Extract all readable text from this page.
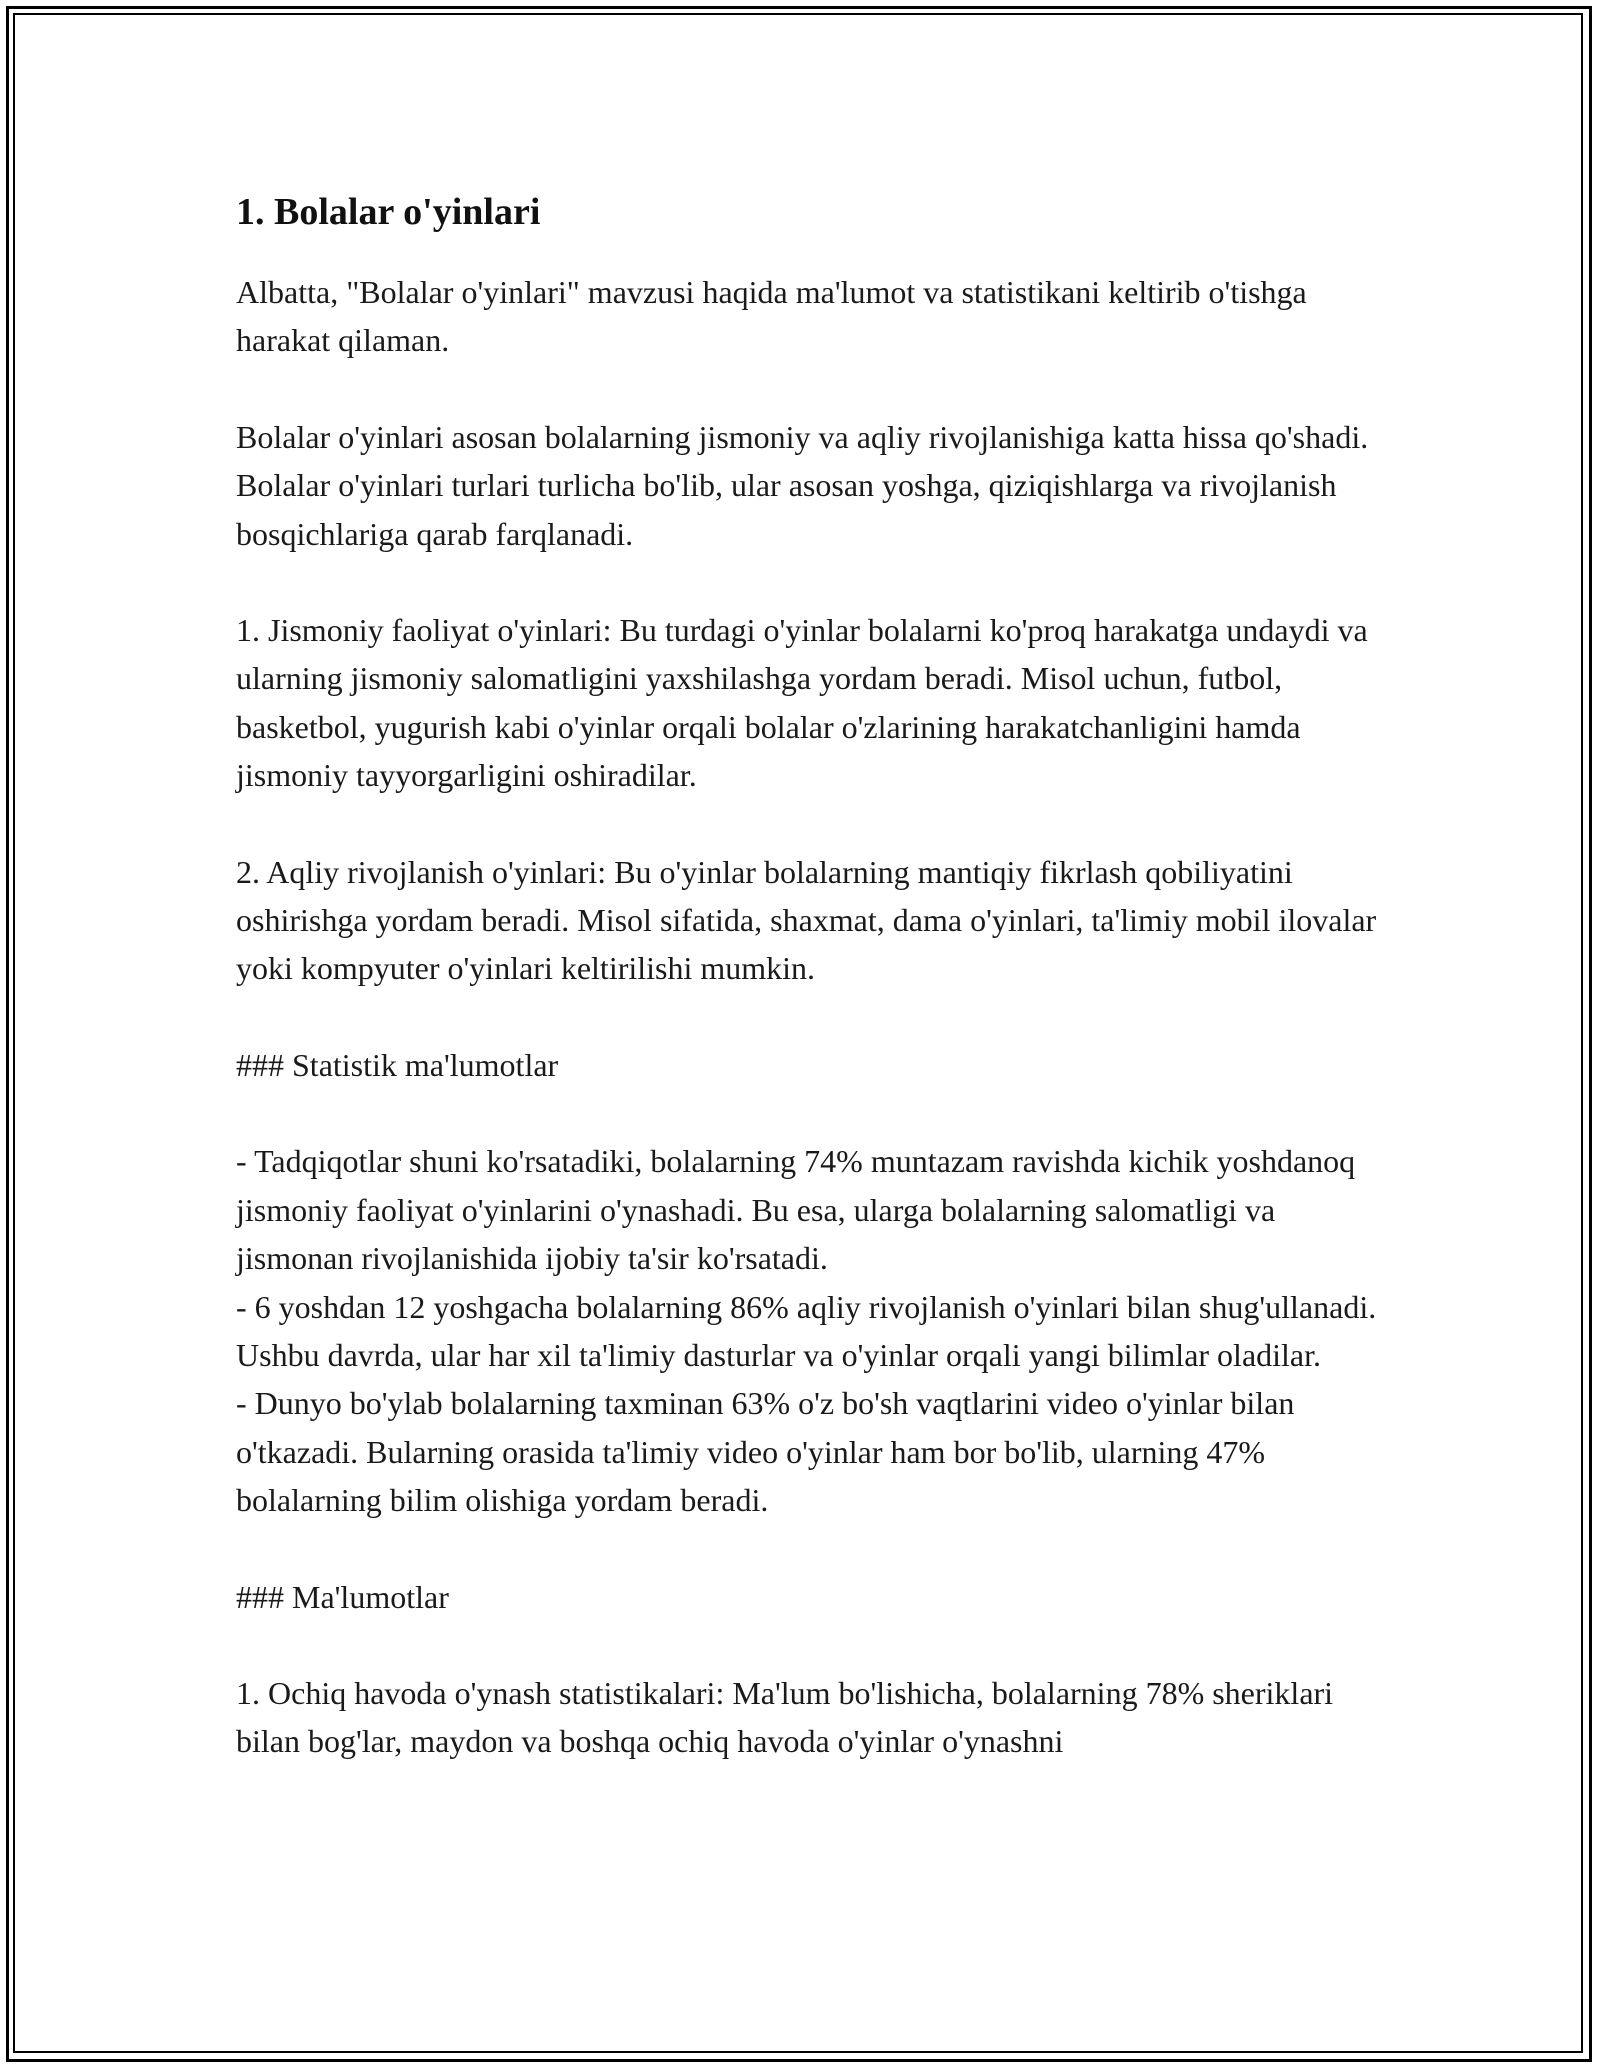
1. Bolalar o'yinlari

Albatta, "Bolalar o'yinlari" mavzusi haqida ma'lumot va statistikani keltirib o'tishga harakat qilaman.

Bolalar o'yinlari asosan bolalarning jismoniy va aqliy rivojlanishiga katta hissa qo'shadi. Bolalar o'yinlari turlari turlicha bo'lib, ular asosan yoshga, qiziqishlarga va rivojlanish bosqichlariga qarab farqlanadi.

1. Jismoniy faoliyat o'yinlari: Bu turdagi o'yinlar bolalarni ko'proq harakatga undaydi va ularning jismoniy salomatligini yaxshilashga yordam beradi. Misol uchun, futbol, basketbol, yugurish kabi o'yinlar orqali bolalar o'zlarining harakatchanligini hamda jismoniy tayyorgarligini oshiradilar.

2. Aqliy rivojlanish o'yinlari: Bu o'yinlar bolalarning mantiqiy fikrlash qobiliyatini oshirishga yordam beradi. Misol sifatida, shaxmat, dama o'yinlari, ta'limiy mobil ilovalar yoki kompyuter o'yinlari keltirilishi mumkin.

### Statistik ma'lumotlar

- Tadqiqotlar shuni ko'rsatadiki, bolalarning 74% muntazam ravishda kichik yoshdanoq jismoniy faoliyat o'yinlarini o'ynashadi. Bu esa, ularga bolalarning salomatligi va jismonan rivojlanishida ijobiy ta'sir ko'rsatadi.

- 6 yoshdan 12 yoshgacha bolalarning 86% aqliy rivojlanish o'yinlari bilan shug'ullanadi. Ushbu davrda, ular har xil ta'limiy dasturlar va o'yinlar orqali yangi bilimlar oladilar.

- Dunyo bo'ylab bolalarning taxminan 63% o'z bo'sh vaqtlarini video o'yinlar bilan o'tkazadi. Bularning orasida ta'limiy video o'yinlar ham bor bo'lib, ularning 47% bolalarning bilim olishiga yordam beradi.

### Ma'lumotlar

1. Ochiq havoda o'ynash statistikalari: Ma'lum bo'lishicha, bolalarning 78% sheriklari bilan bog'lar, maydon va boshqa ochiq havoda o'yinlar o'ynashni
